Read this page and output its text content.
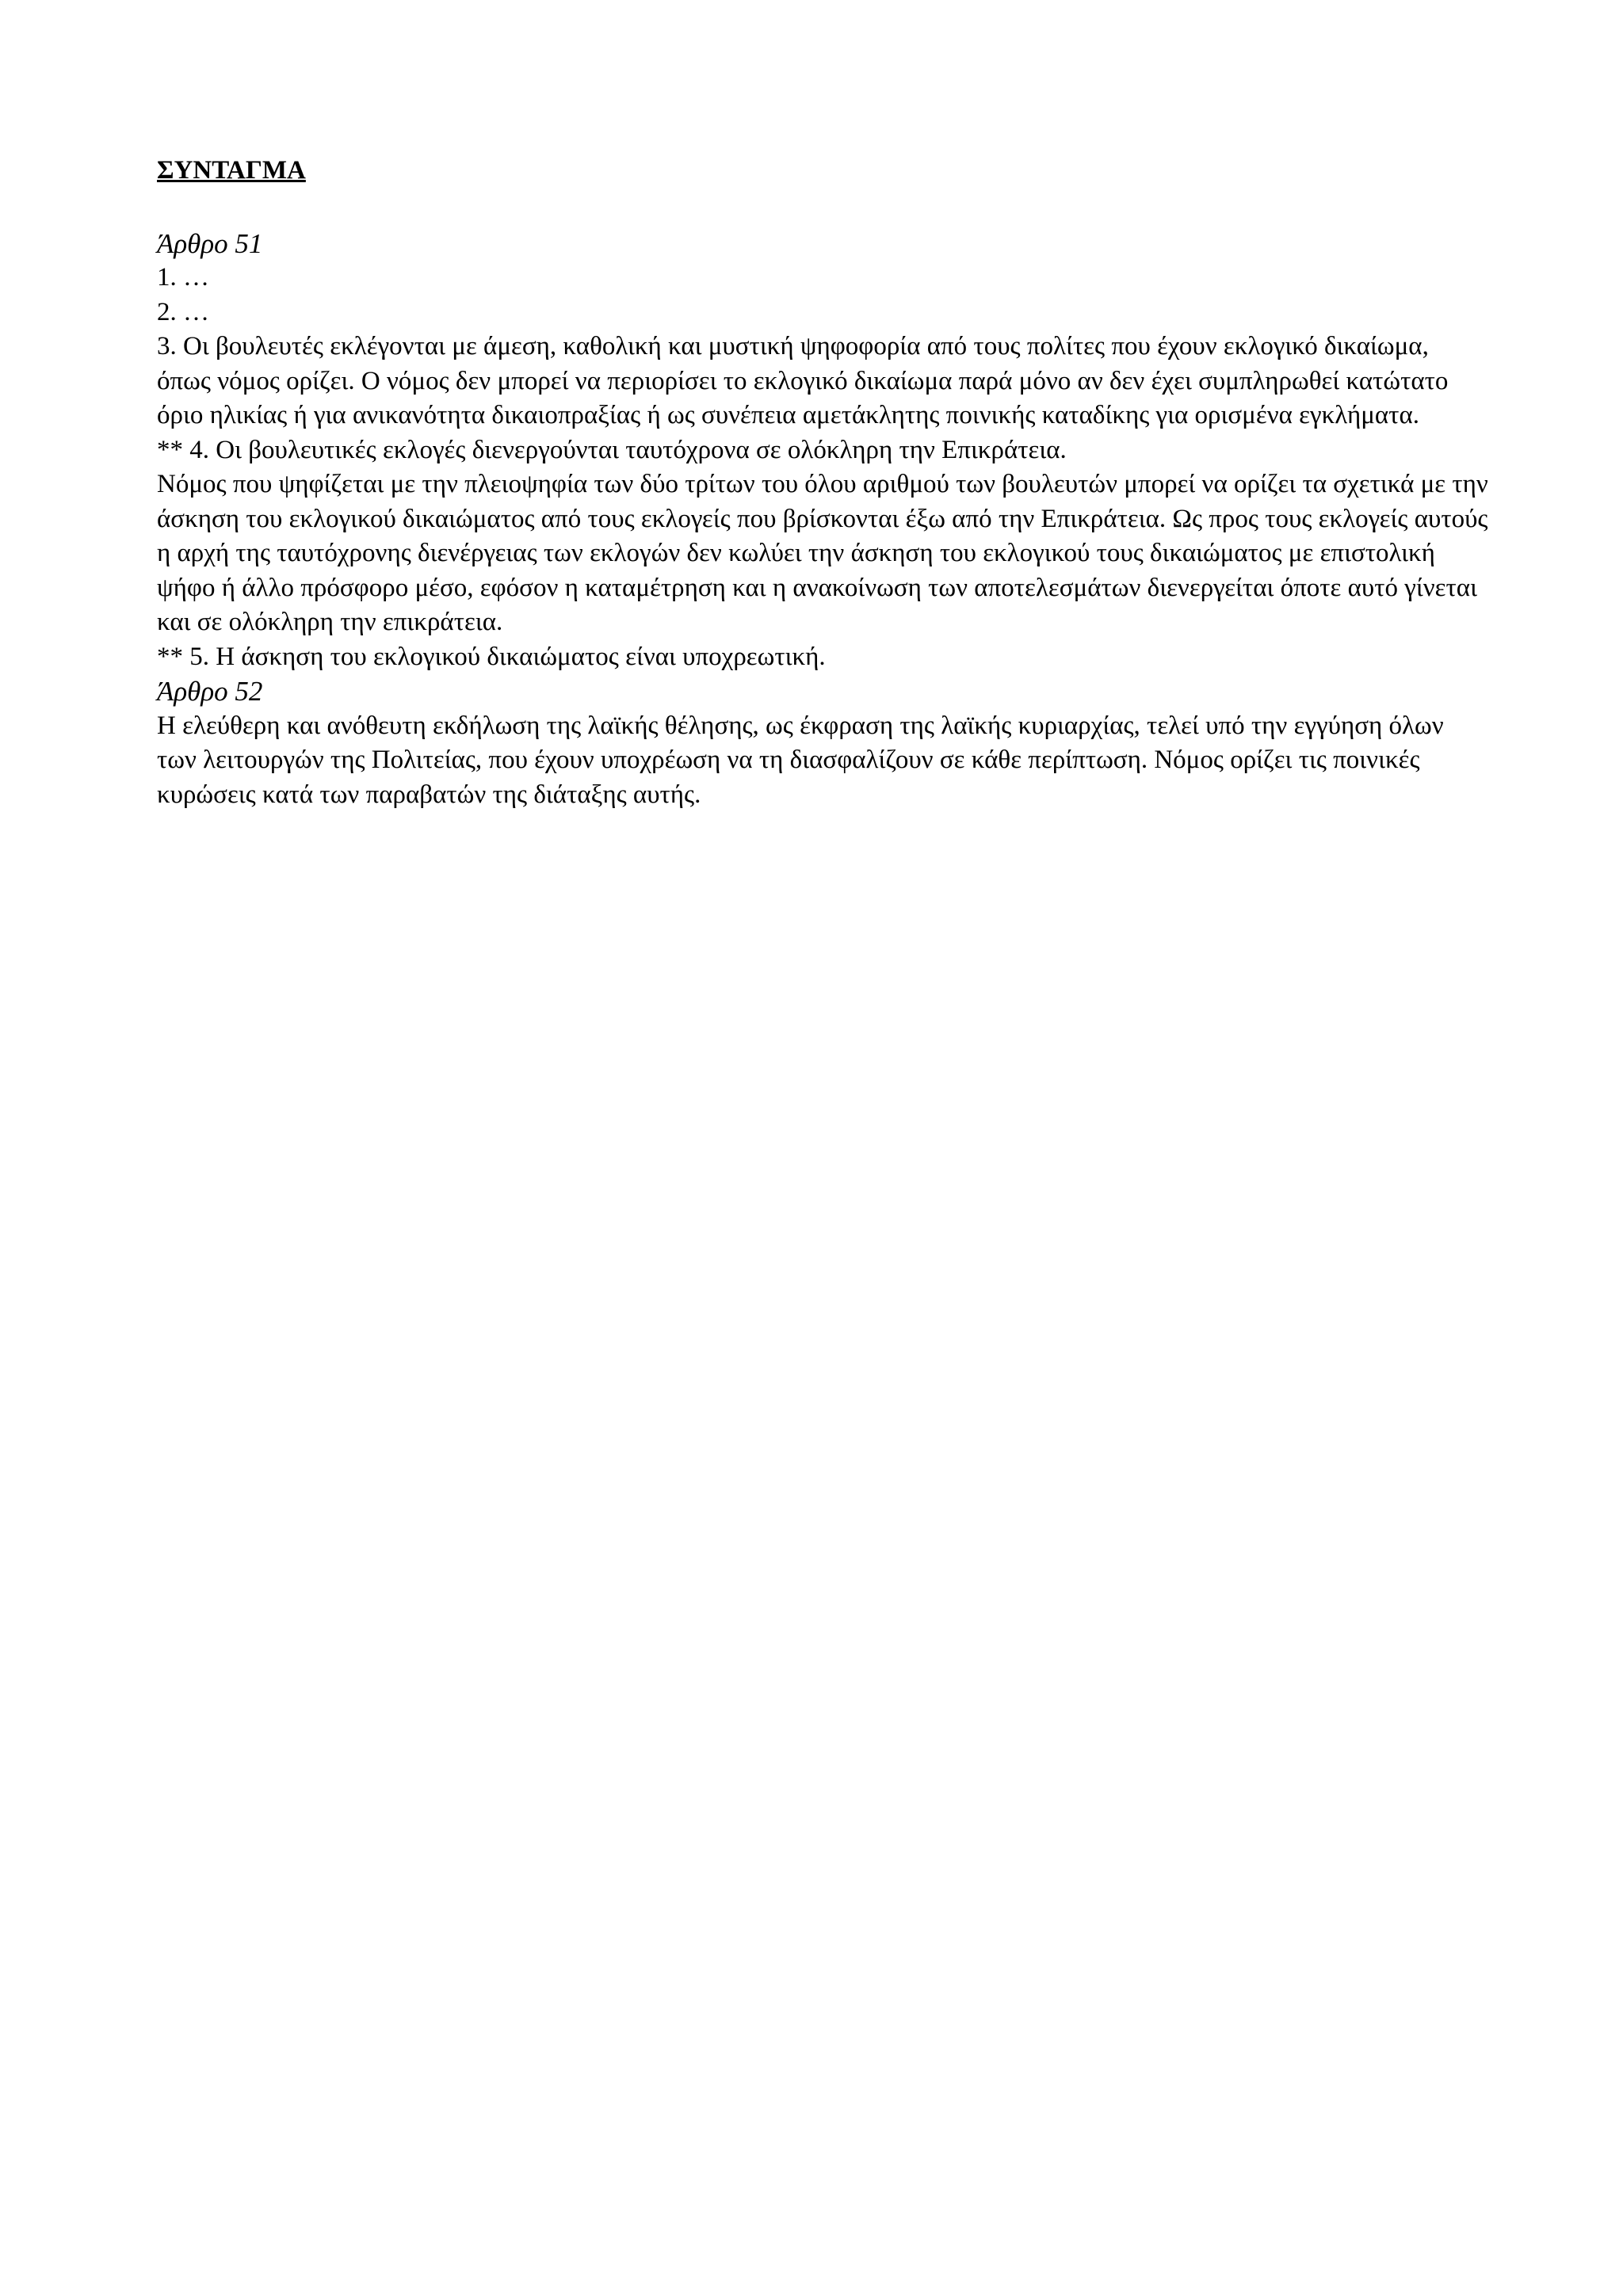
ΣΥΝΤΑΓΜΑ

Άρθρο 51

1. …

2. …

3. Οι βουλευτές εκλέγονται με άμεση, καθολική και μυστική ψηφοφορία από τους πολίτες που έχουν εκλογικό δικαίωμα, όπως νόμος ορίζει. Ο νόμος δεν μπορεί να περιορίσει το εκλογικό δικαίωμα παρά μόνο αν δεν έχει συμπληρωθεί κατώτατο όριο ηλικίας ή για ανικανότητα δικαιοπραξίας ή ως συνέπεια αμετάκλητης ποινικής καταδίκης για ορισμένα εγκλήματα.

** 4. Οι βουλευτικές εκλογές διενεργούνται ταυτόχρονα σε ολόκληρη την Επικράτεια.

Νόμος που ψηφίζεται με την πλειοψηφία των δύο τρίτων του όλου αριθμού των βουλευτών μπορεί να ορίζει τα σχετικά με την άσκηση του εκλογικού δικαιώματος από τους εκλογείς που βρίσκονται έξω από την Επικράτεια. Ως προς τους εκλογείς αυτούς η αρχή της ταυτόχρονης διενέργειας των εκλογών δεν κωλύει την άσκηση του εκλογικού τους δικαιώματος με επιστολική ψήφο ή άλλο πρόσφορο μέσο, εφόσον η καταμέτρηση και η ανακοίνωση των αποτελεσμάτων διενεργείται όποτε αυτό γίνεται και σε ολόκληρη την επικράτεια.

** 5. Η άσκηση του εκλογικού δικαιώματος είναι υποχρεωτική.

Άρθρο 52

Η ελεύθερη και ανόθευτη εκδήλωση της λαϊκής θέλησης, ως έκφραση της λαϊκής κυριαρχίας, τελεί υπό την εγγύηση όλων των λειτουργών της Πολιτείας, που έχουν υποχρέωση να τη διασφαλίζουν σε κάθε περίπτωση. Νόμος ορίζει τις ποινικές κυρώσεις κατά των παραβατών της διάταξης αυτής.
